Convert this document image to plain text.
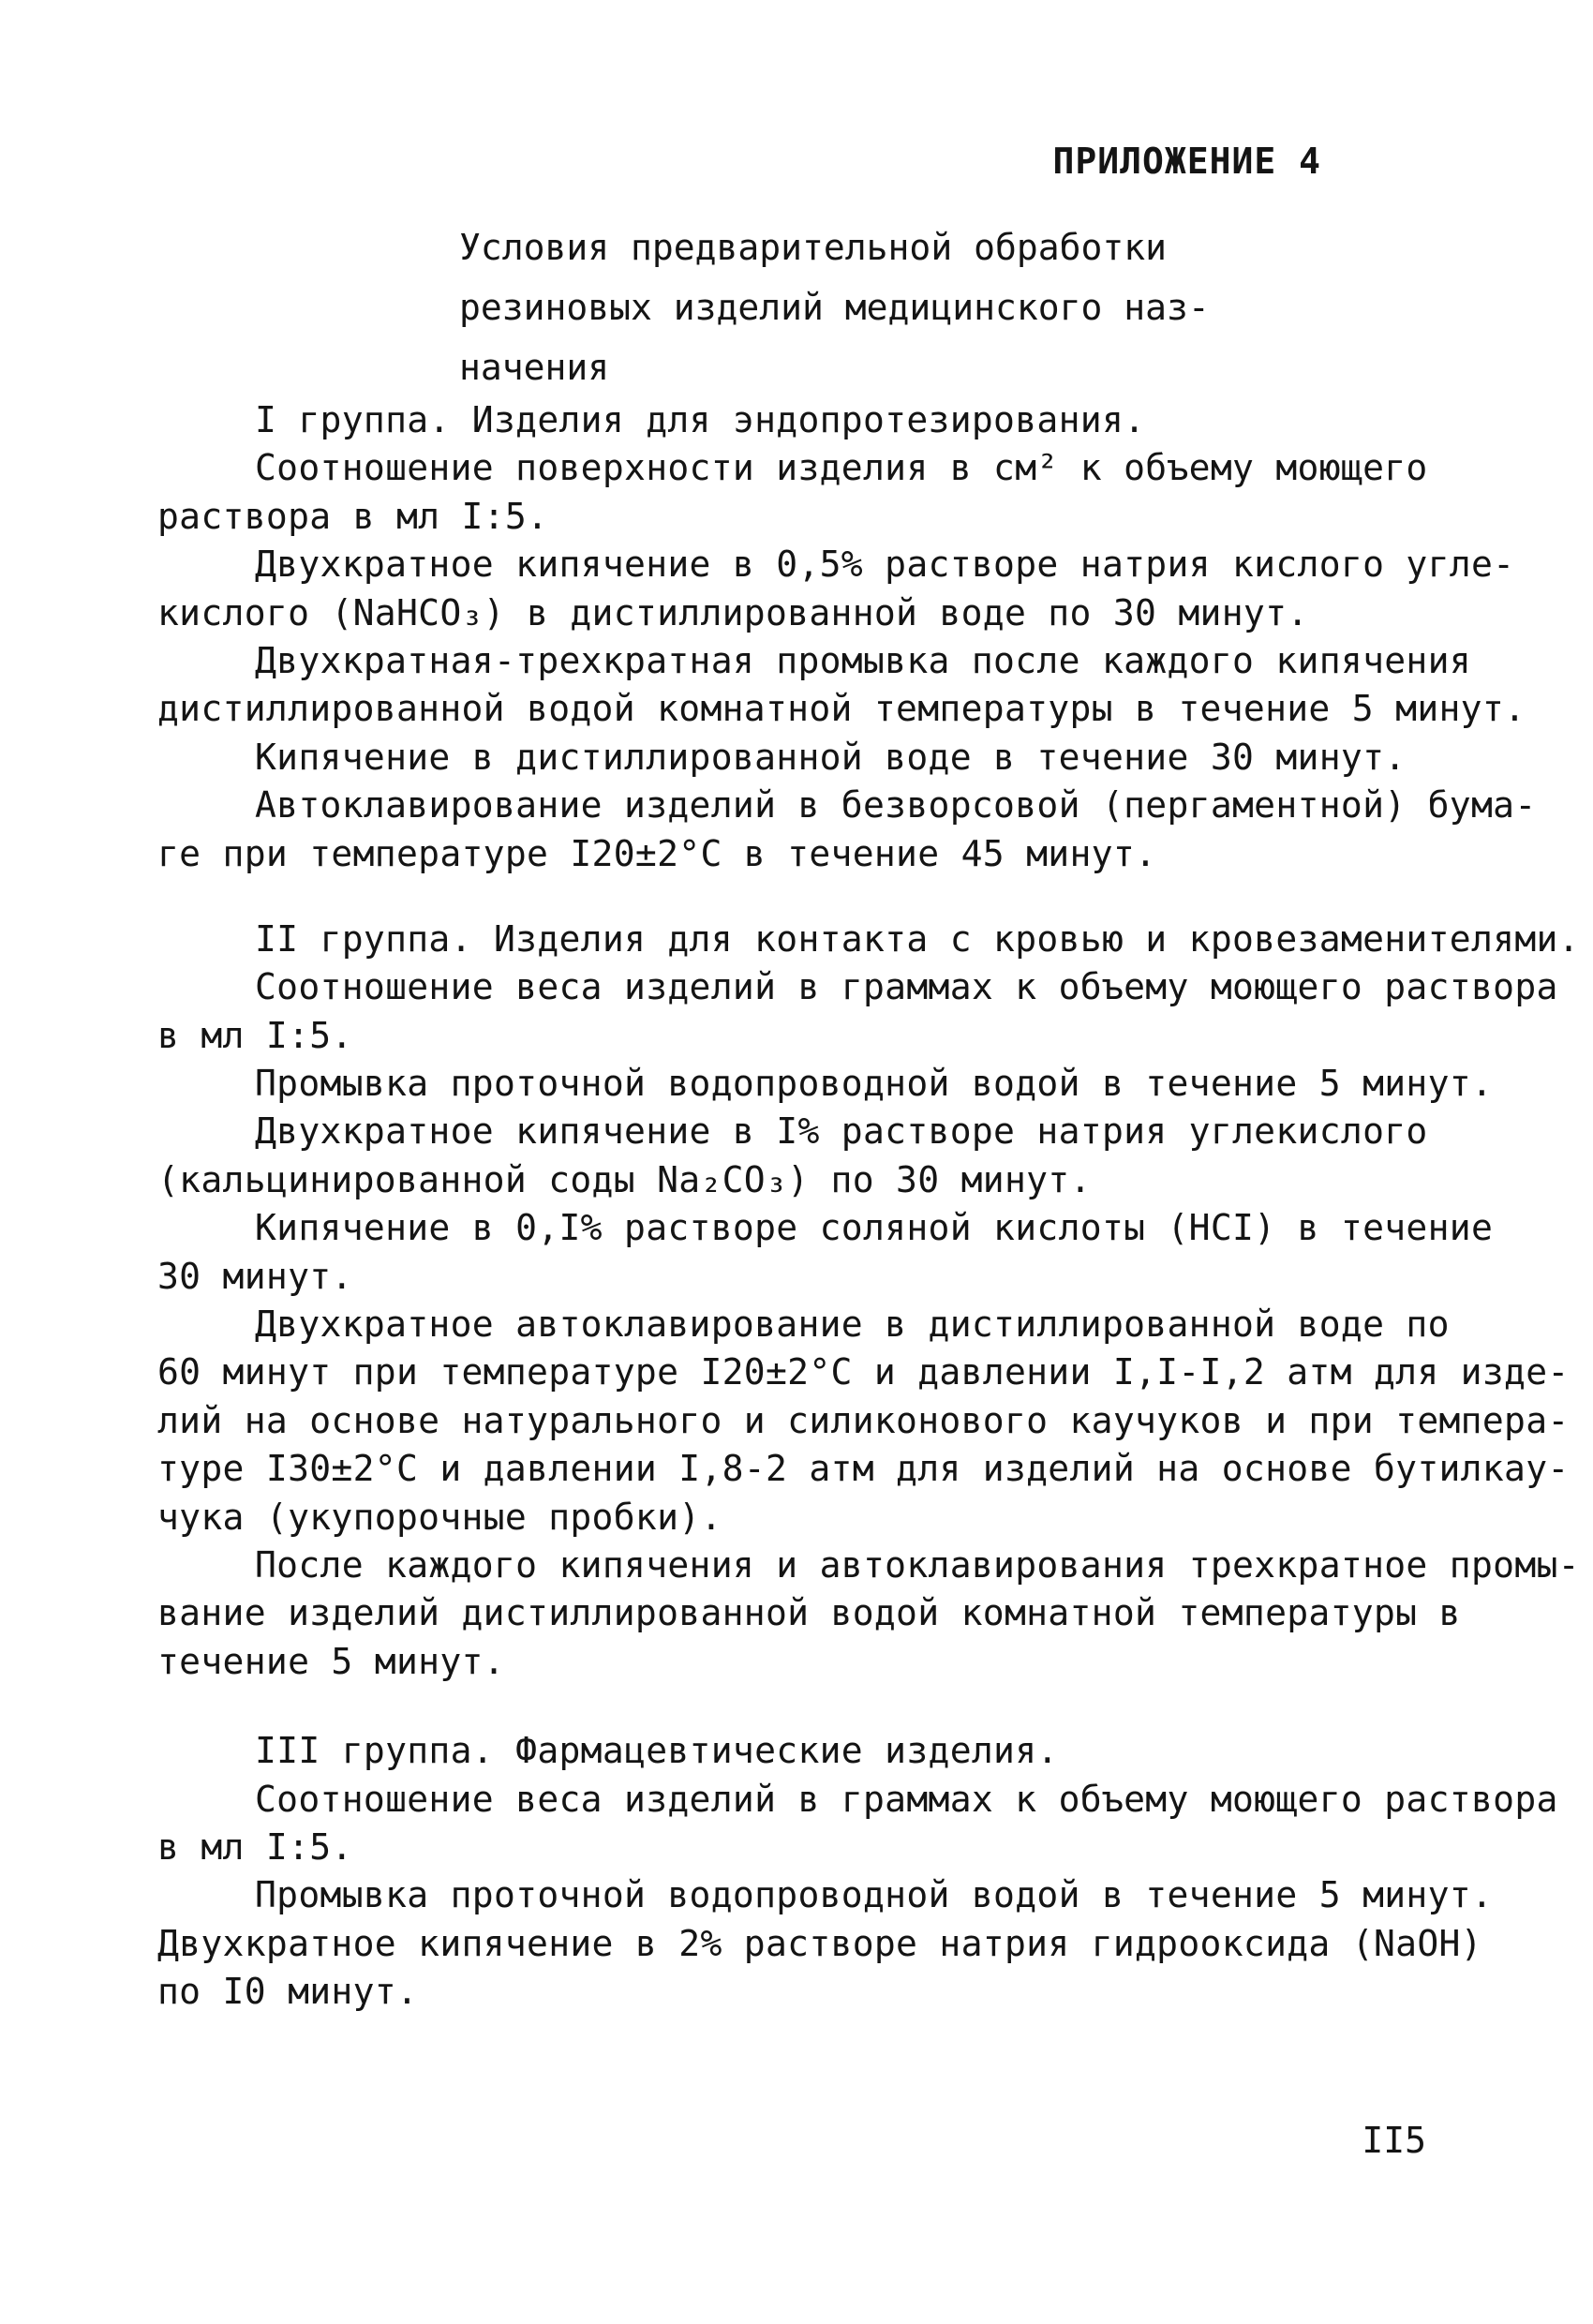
ПРИЛОЖЕНИЕ 4
Условия предварительной обработки
резиновых изделий медицинского наз-
начения
I группа. Изделия для эндопротезирования.
Соотношение поверхности изделия в см² к объему моющего
раствора в мл I:5.
Двухкратное кипячение в 0,5% растворе натрия кислого угле-
кислого (NaHCO₃) в дистиллированной воде по 30 минут.
Двухкратная-трехкратная промывка после каждого кипячения
дистиллированной водой комнатной температуры в течение 5 минут.
Кипячение в дистиллированной воде в течение 30 минут.
Автоклавирование изделий в безворсовой (пергаментной) бума-
ге при температуре I20±2°C в течение 45 минут.
II группа. Изделия для контакта с кровью и кровезаменителями.
Соотношение веса изделий в граммах к объему моющего раствора
в мл I:5.
Промывка проточной водопроводной водой в течение 5 минут.
Двухкратное кипячение в I% растворе натрия углекислого
(кальцинированной соды Na₂CO₃) по 30 минут.
Кипячение в 0,I% растворе соляной кислоты (HCI) в течение
30 минут.
Двухкратное автоклавирование в дистиллированной воде по
60 минут при температуре I20±2°C и давлении I,I-I,2 атм для изде-
лий на основе натурального и силиконового каучуков и при темпера-
туре I30±2°C и давлении I,8-2 атм для изделий на основе бутилкау-
чука (укупорочные пробки).
После каждого кипячения и автоклавирования трехкратное промы-
вание изделий дистиллированной водой комнатной температуры в
течение 5 минут.
III группа. Фармацевтические изделия.
Соотношение веса изделий в граммах к объему моющего раствора
в мл I:5.
Промывка проточной водопроводной водой в течение 5 минут.
Двухкратное кипячение в 2% растворе натрия гидрооксида (NaOH)
по I0 минут.
II5
